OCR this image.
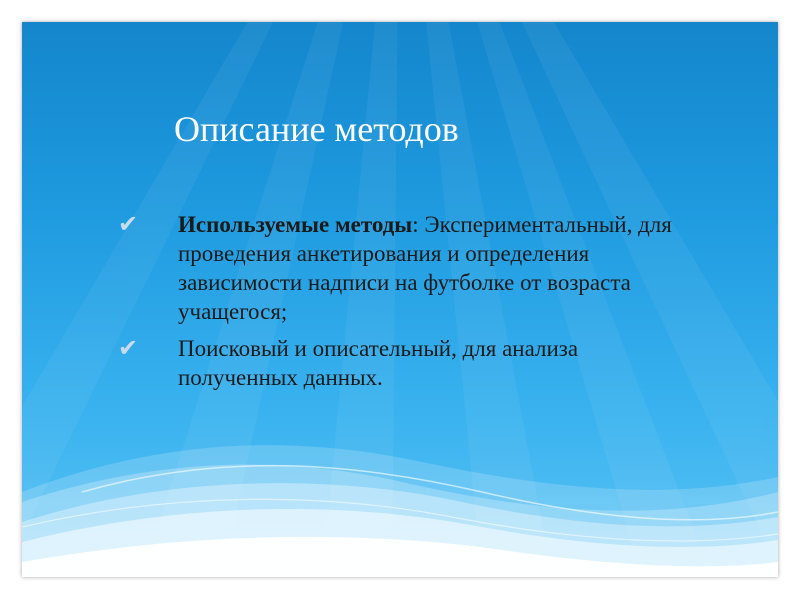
Описание методов
✔ Используемые методы: Экспериментальный, для проведения анкетирования и определения зависимости надписи на футболке от возраста учащегося;
✔ Поисковый и описательный, для анализа полученных данных.
